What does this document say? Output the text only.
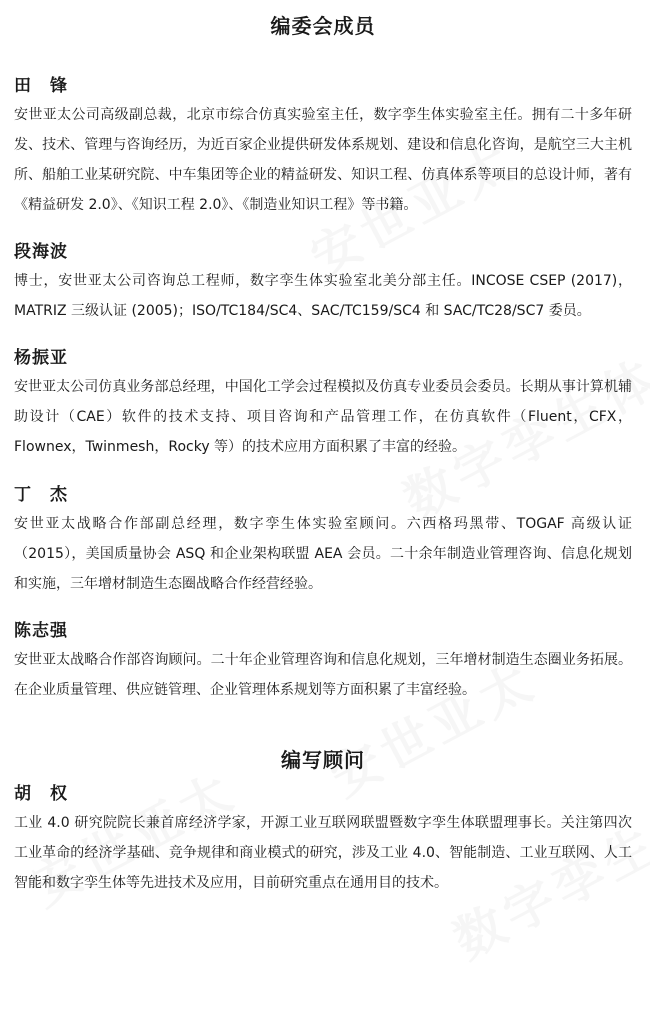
编委会成员
田　锋

安世亚太公司高级副总裁，北京市综合仿真实验室主任，数字孪生体实验室主任。拥有二十多年研发、技术、管理与咨询经历，为近百家企业提供研发体系规划、建设和信息化咨询，是航空三大主机所、船舶工业某研究院、中车集团等企业的精益研发、知识工程、仿真体系等项目的总设计师，著有《精益研发 2.0》、《知识工程 2.0》、《制造业知识工程》等书籍。

段海波

博士，安世亚太公司咨询总工程师，数字孪生体实验室北美分部主任。INCOSE CSEP (2017)，MATRIZ 三级认证 (2005)；ISO/TC184/SC4、SAC/TC159/SC4 和 SAC/TC28/SC7 委员。

杨振亚

安世亚太公司仿真业务部总经理，中国化工学会过程模拟及仿真专业委员会委员。长期从事计算机辅助设计（CAE）软件的技术支持、项目咨询和产品管理工作，在仿真软件（Fluent，CFX，Flownex，Twinmesh，Rocky 等）的技术应用方面积累了丰富的经验。

丁　杰

安世亚太战略合作部副总经理，数字孪生体实验室顾问。六西格玛黑带、TOGAF 高级认证（2015），美国质量协会 ASQ 和企业架构联盟 AEA 会员。二十余年制造业管理咨询、信息化规划和实施，三年增材制造生态圈战略合作经营经验。

陈志强

安世亚太战略合作部咨询顾问。二十年企业管理咨询和信息化规划，三年增材制造生态圈业务拓展。在企业质量管理、供应链管理、企业管理体系规划等方面积累了丰富经验。

编写顾问
胡　权

工业 4.0 研究院院长兼首席经济学家，开源工业互联网联盟暨数字孪生体联盟理事长。关注第四次工业革命的经济学基础、竞争规律和商业模式的研究，涉及工业 4.0、智能制造、工业互联网、人工智能和数字孪生体等先进技术及应用，目前研究重点在通用目的技术。
